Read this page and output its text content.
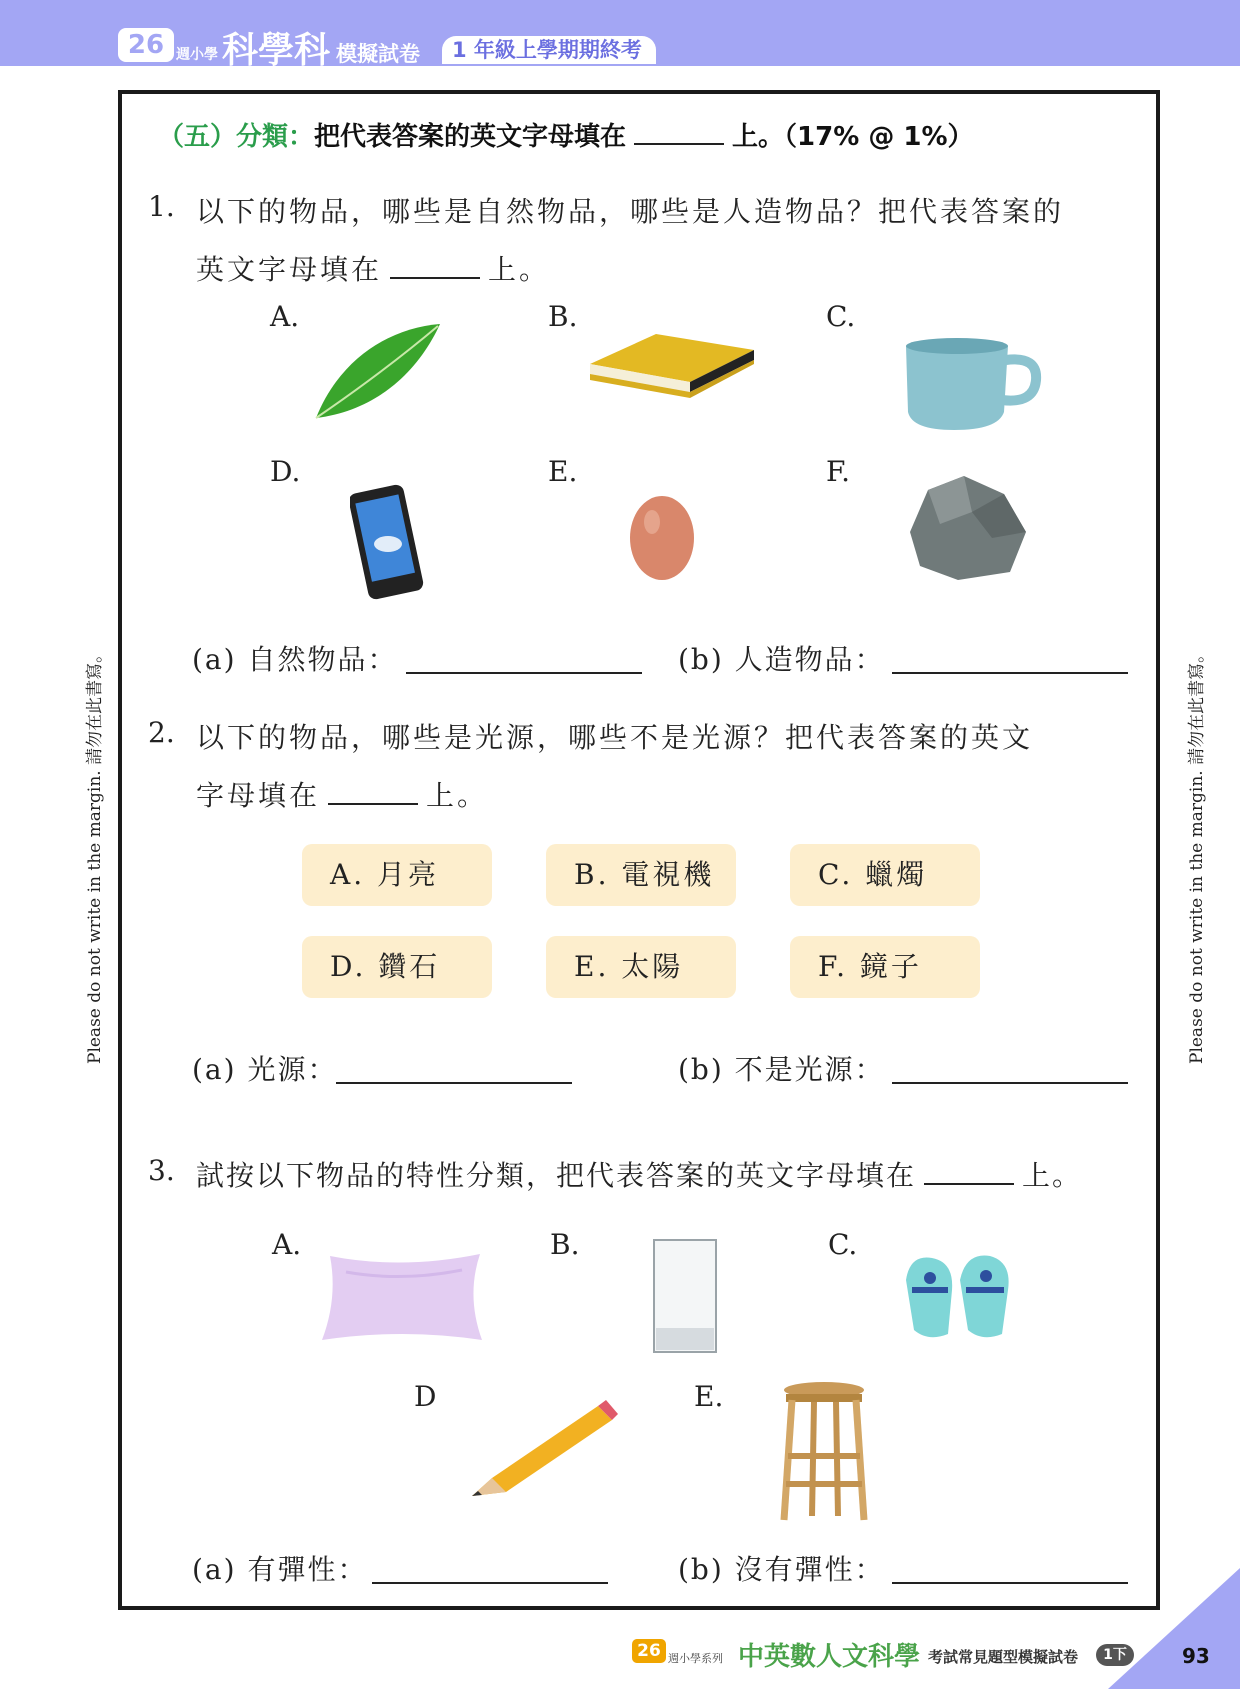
26 週小學 科學科 模擬試卷	1 年級上學期期終考
Please do not write in the margin. 請勿在此書寫。	Please do not write in the margin. 請勿在此書寫。
（五）分類：把代表答案的英文字母填在	上。（17% @ 1%）
1. 以下的物品，哪些是自然物品，哪些是人造物品？把代表答案的
英文字母填在	上。
A.	B.	C.
D.	E.	F.
(a) 自然物品：	(b) 人造物品：
2. 以下的物品，哪些是光源，哪些不是光源？把代表答案的英文
字母填在	上。
A. 月亮	B. 電視機	C. 蠟燭
D. 鑽石	E. 太陽	F. 鏡子
(a) 光源：	(b) 不是光源：
3. 試按以下物品的特性分類，把代表答案的英文字母填在	上。
A.	B.	C.
D	E.
(a) 有彈性：	(b) 沒有彈性：
26 週小學系列 中英數人文科學 考試常見題型模擬試卷	1下	93
